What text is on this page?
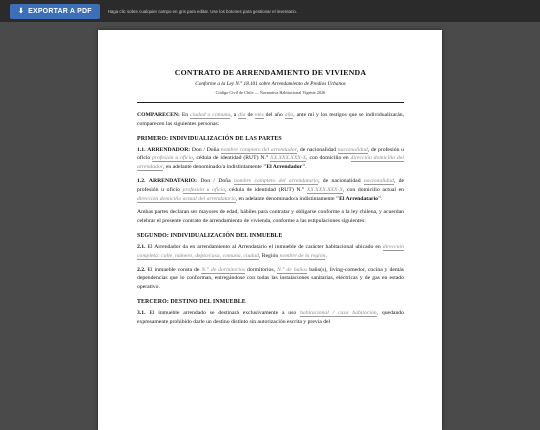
⬇ EXPORTAR A PDF	Haga clic sobre cualquier campo en gris para editar. Use los botones para gestionar el inventario.
CONTRATO DE ARRENDAMIENTO DE VIVIENDA
Conforme a la Ley N.° 18.101 sobre Arrendamiento de Predios Urbanos
Código Civil de Chile — Normativa Habitacional Vigente 2026

COMPARECEN: En ciudad o comuna, a día de mes del año año, ante mí y los testigos que se individualizarán, comparecen las siguientes personas:

PRIMERO: INDIVIDUALIZACIÓN DE LAS PARTES

1.1. ARRENDADOR: Don / Doña nombre completo del arrendador, de nacionalidad nacionalidad, de profesión u oficio profesión u oficio, cédula de identidad (RUT) N.° XX.XXX.XXX-X, con domicilio en dirección domicilio del arrendador, en adelante denominado/a indistintamente "El Arrendador".

1.2. ARRENDATARIO: Don / Doña nombre completo del arrendatario, de nacionalidad nacionalidad, de profesión u oficio profesión u oficio, cédula de identidad (RUT) N.° XX.XXX.XXX-X, con domicilio actual en dirección domicilio actual del arrendatario, en adelante denominado/a indistintamente "El Arrendatario".

Ambas partes declaran ser mayores de edad, hábiles para contratar y obligarse conforme a la ley chilena, y acuerdan celebrar el presente contrato de arrendamiento de vivienda, conforme a las estipulaciones siguientes:

SEGUNDO: INDIVIDUALIZACIÓN DEL INMUEBLE

2.1. El Arrendador da en arrendamiento al Arrendatario el inmueble de carácter habitacional ubicado en dirección completa: calle, número, depto/casa, comuna, ciudad, Región nombre de la región.

2.2. El inmueble consta de N.° de dormitorios dormitorios, N.° de baños baño(s), living-comedor, cocina y demás dependencias que lo conforman, entregándose con todas las instalaciones sanitarias, eléctricas y de gas en estado operativo.

TERCERO: DESTINO DEL INMUEBLE

3.1. El inmueble arrendado se destinará exclusivamente a uso habitacional / casa habitación, quedando expresamente prohibido darle un destino distinto sin autorización escrita y previa del
